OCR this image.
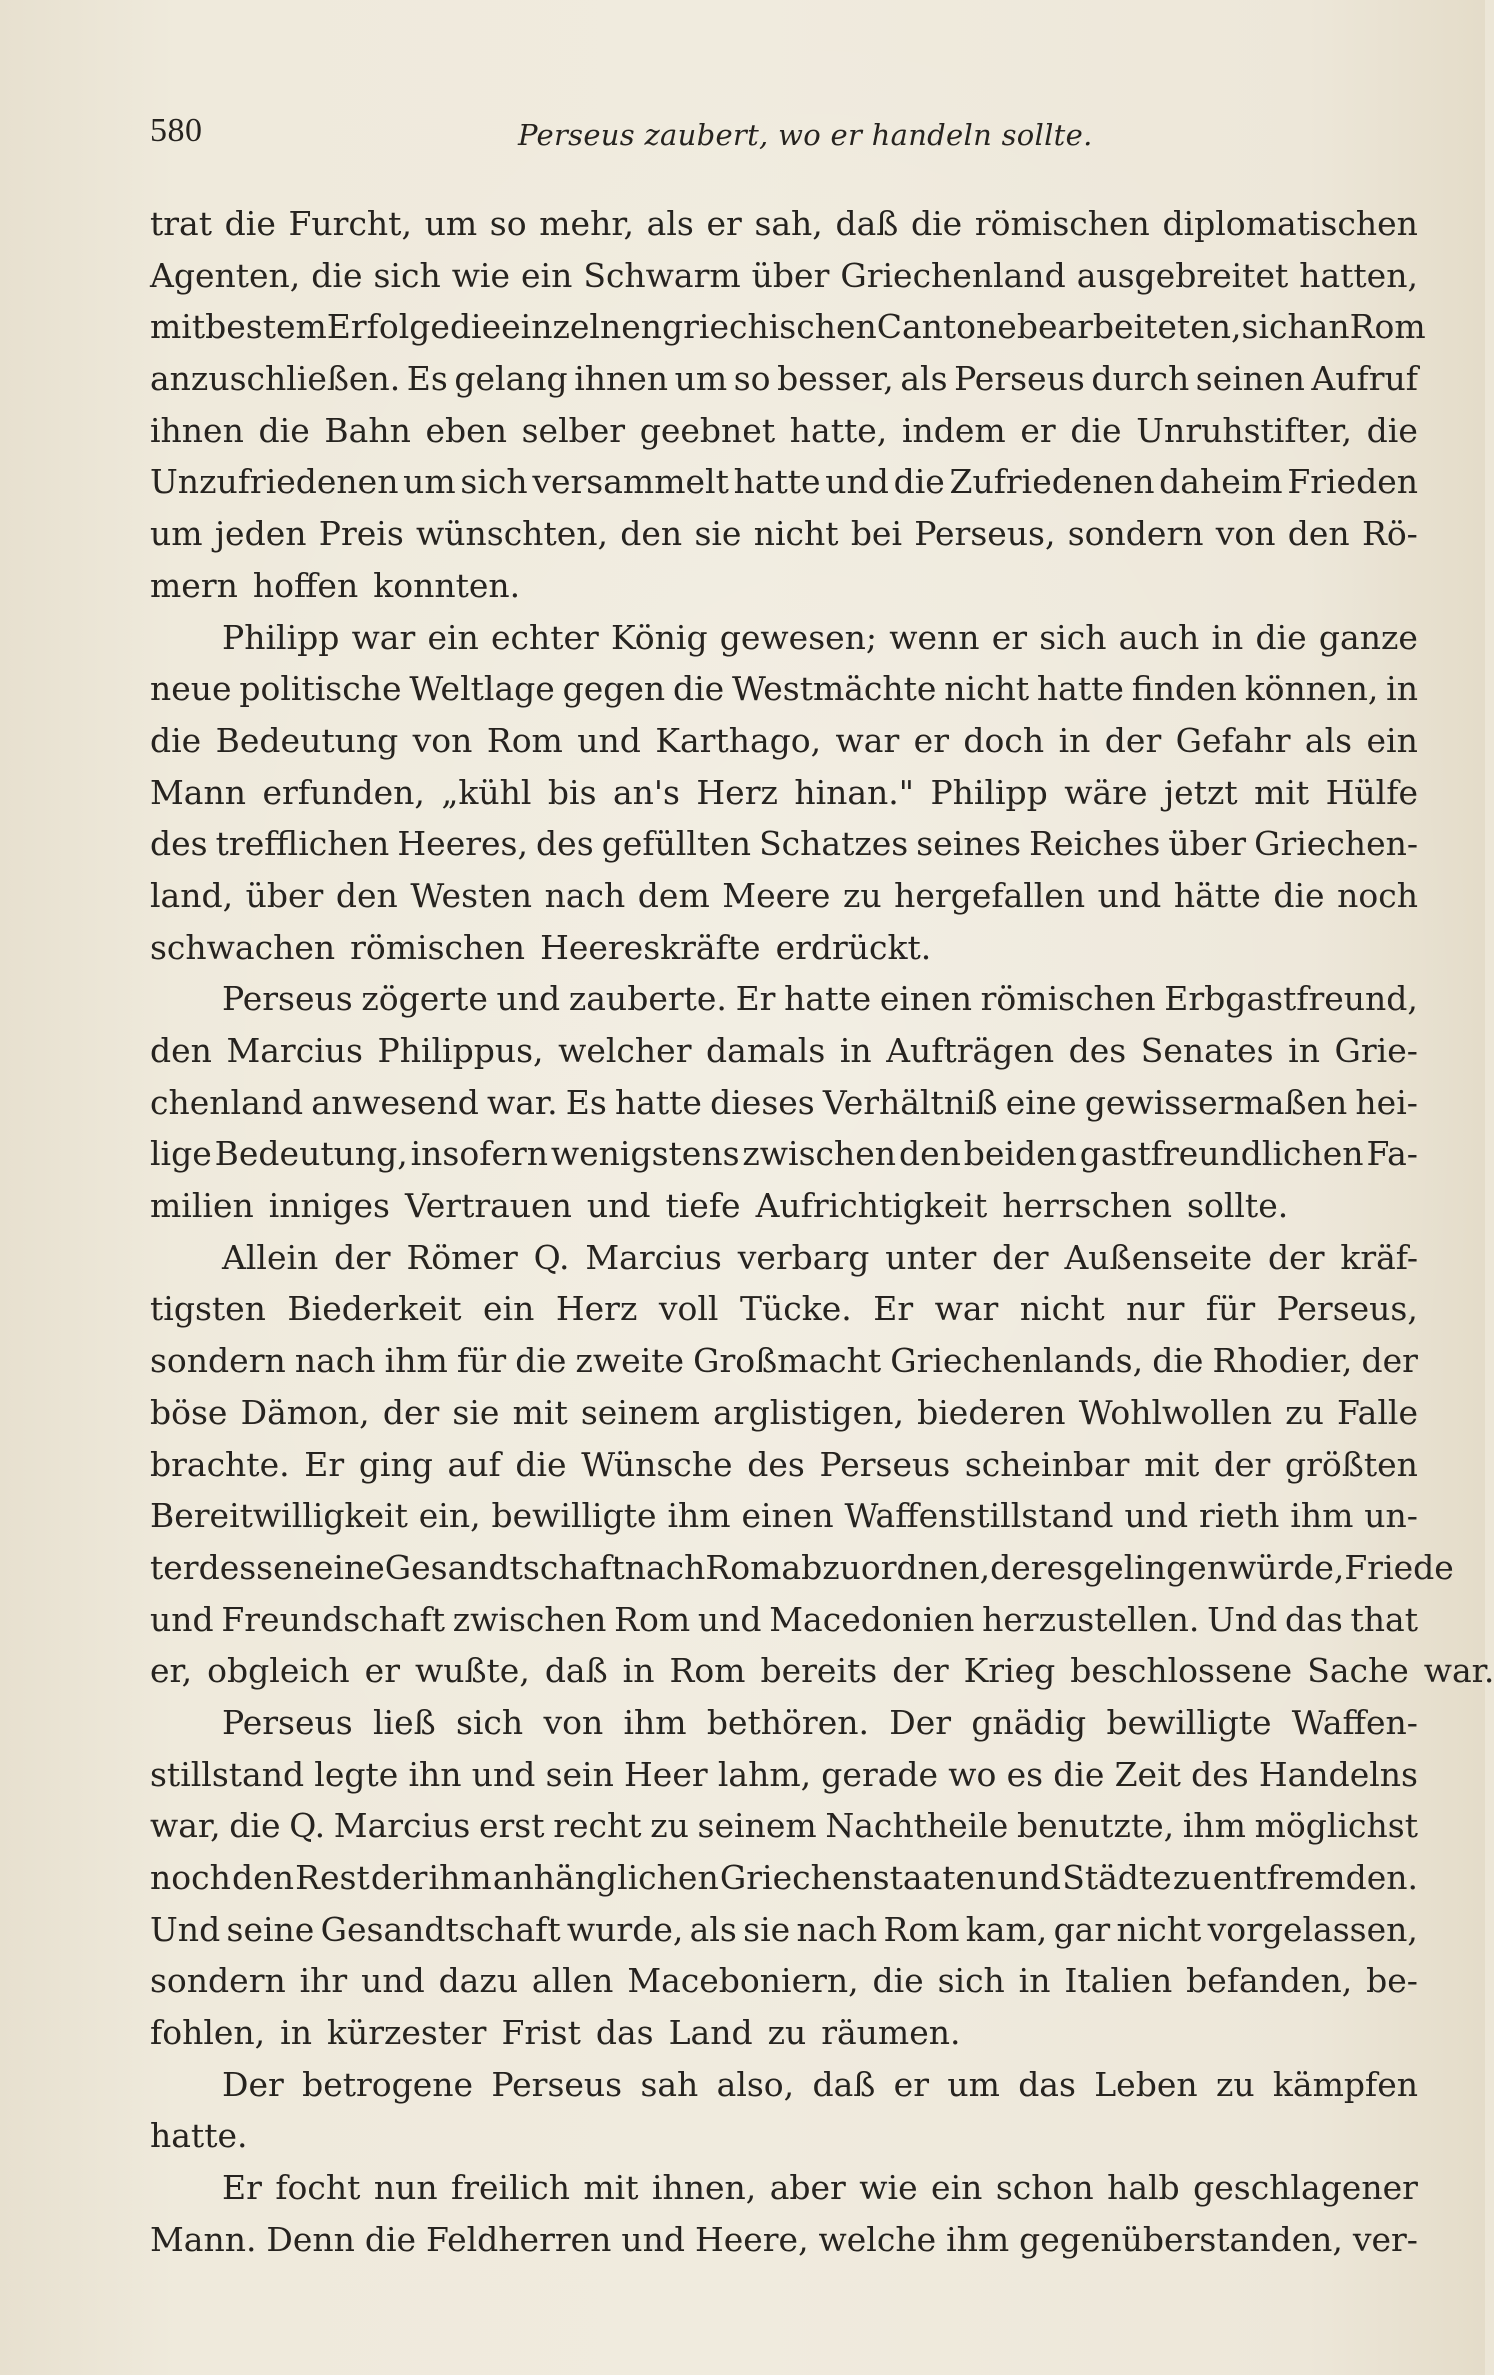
580	Perseus zaubert, wo er handeln sollte.
trat die Furcht, um so mehr, als er sah, daß die römischen diplomatischen
Agenten, die sich wie ein Schwarm über Griechenland ausgebreitet hatten,
mit bestem Erfolge die einzelnen griechischen Cantone bearbeiteten, sich an Rom
anzuschließen. Es gelang ihnen um so besser, als Perseus durch seinen Aufruf
ihnen die Bahn eben selber geebnet hatte, indem er die Unruhstifter, die
Unzufriedenen um sich versammelt hatte und die Zufriedenen daheim Frieden
um jeden Preis wünschten, den sie nicht bei Perseus, sondern von den Rö-
mern hoffen konnten.
Philipp war ein echter König gewesen; wenn er sich auch in die ganze
neue politische Weltlage gegen die Westmächte nicht hatte finden können, in
die Bedeutung von Rom und Karthago, war er doch in der Gefahr als ein
Mann erfunden, „kühl bis an's Herz hinan." Philipp wäre jetzt mit Hülfe
des trefflichen Heeres, des gefüllten Schatzes seines Reiches über Griechen-
land, über den Westen nach dem Meere zu hergefallen und hätte die noch
schwachen römischen Heereskräfte erdrückt.
Perseus zögerte und zauberte. Er hatte einen römischen Erbgastfreund,
den Marcius Philippus, welcher damals in Aufträgen des Senates in Grie-
chenland anwesend war. Es hatte dieses Verhältniß eine gewissermaßen hei-
lige Bedeutung, insofern wenigstens zwischen den beiden gastfreundlichen Fa-
milien inniges Vertrauen und tiefe Aufrichtigkeit herrschen sollte.
Allein der Römer Q. Marcius verbarg unter der Außenseite der kräf-
tigsten Biederkeit ein Herz voll Tücke. Er war nicht nur für Perseus,
sondern nach ihm für die zweite Großmacht Griechenlands, die Rhodier, der
böse Dämon, der sie mit seinem arglistigen, biederen Wohlwollen zu Falle
brachte. Er ging auf die Wünsche des Perseus scheinbar mit der größten
Bereitwilligkeit ein, bewilligte ihm einen Waffenstillstand und rieth ihm un-
terdessen eine Gesandtschaft nach Rom abzuordnen, der es gelingen würde, Friede
und Freundschaft zwischen Rom und Macedonien herzustellen. Und das that
er, obgleich er wußte, daß in Rom bereits der Krieg beschlossene Sache war.
Perseus ließ sich von ihm bethören. Der gnädig bewilligte Waffen-
stillstand legte ihn und sein Heer lahm, gerade wo es die Zeit des Handelns
war, die Q. Marcius erst recht zu seinem Nachtheile benutzte, ihm möglichst
noch den Rest der ihm anhänglichen Griechenstaaten und Städte zu entfremden.
Und seine Gesandtschaft wurde, als sie nach Rom kam, gar nicht vorgelassen,
sondern ihr und dazu allen Maceboniern, die sich in Italien befanden, be-
fohlen, in kürzester Frist das Land zu räumen.
Der betrogene Perseus sah also, daß er um das Leben zu kämpfen
hatte.
Er focht nun freilich mit ihnen, aber wie ein schon halb geschlagener
Mann. Denn die Feldherren und Heere, welche ihm gegenüberstanden, ver-
